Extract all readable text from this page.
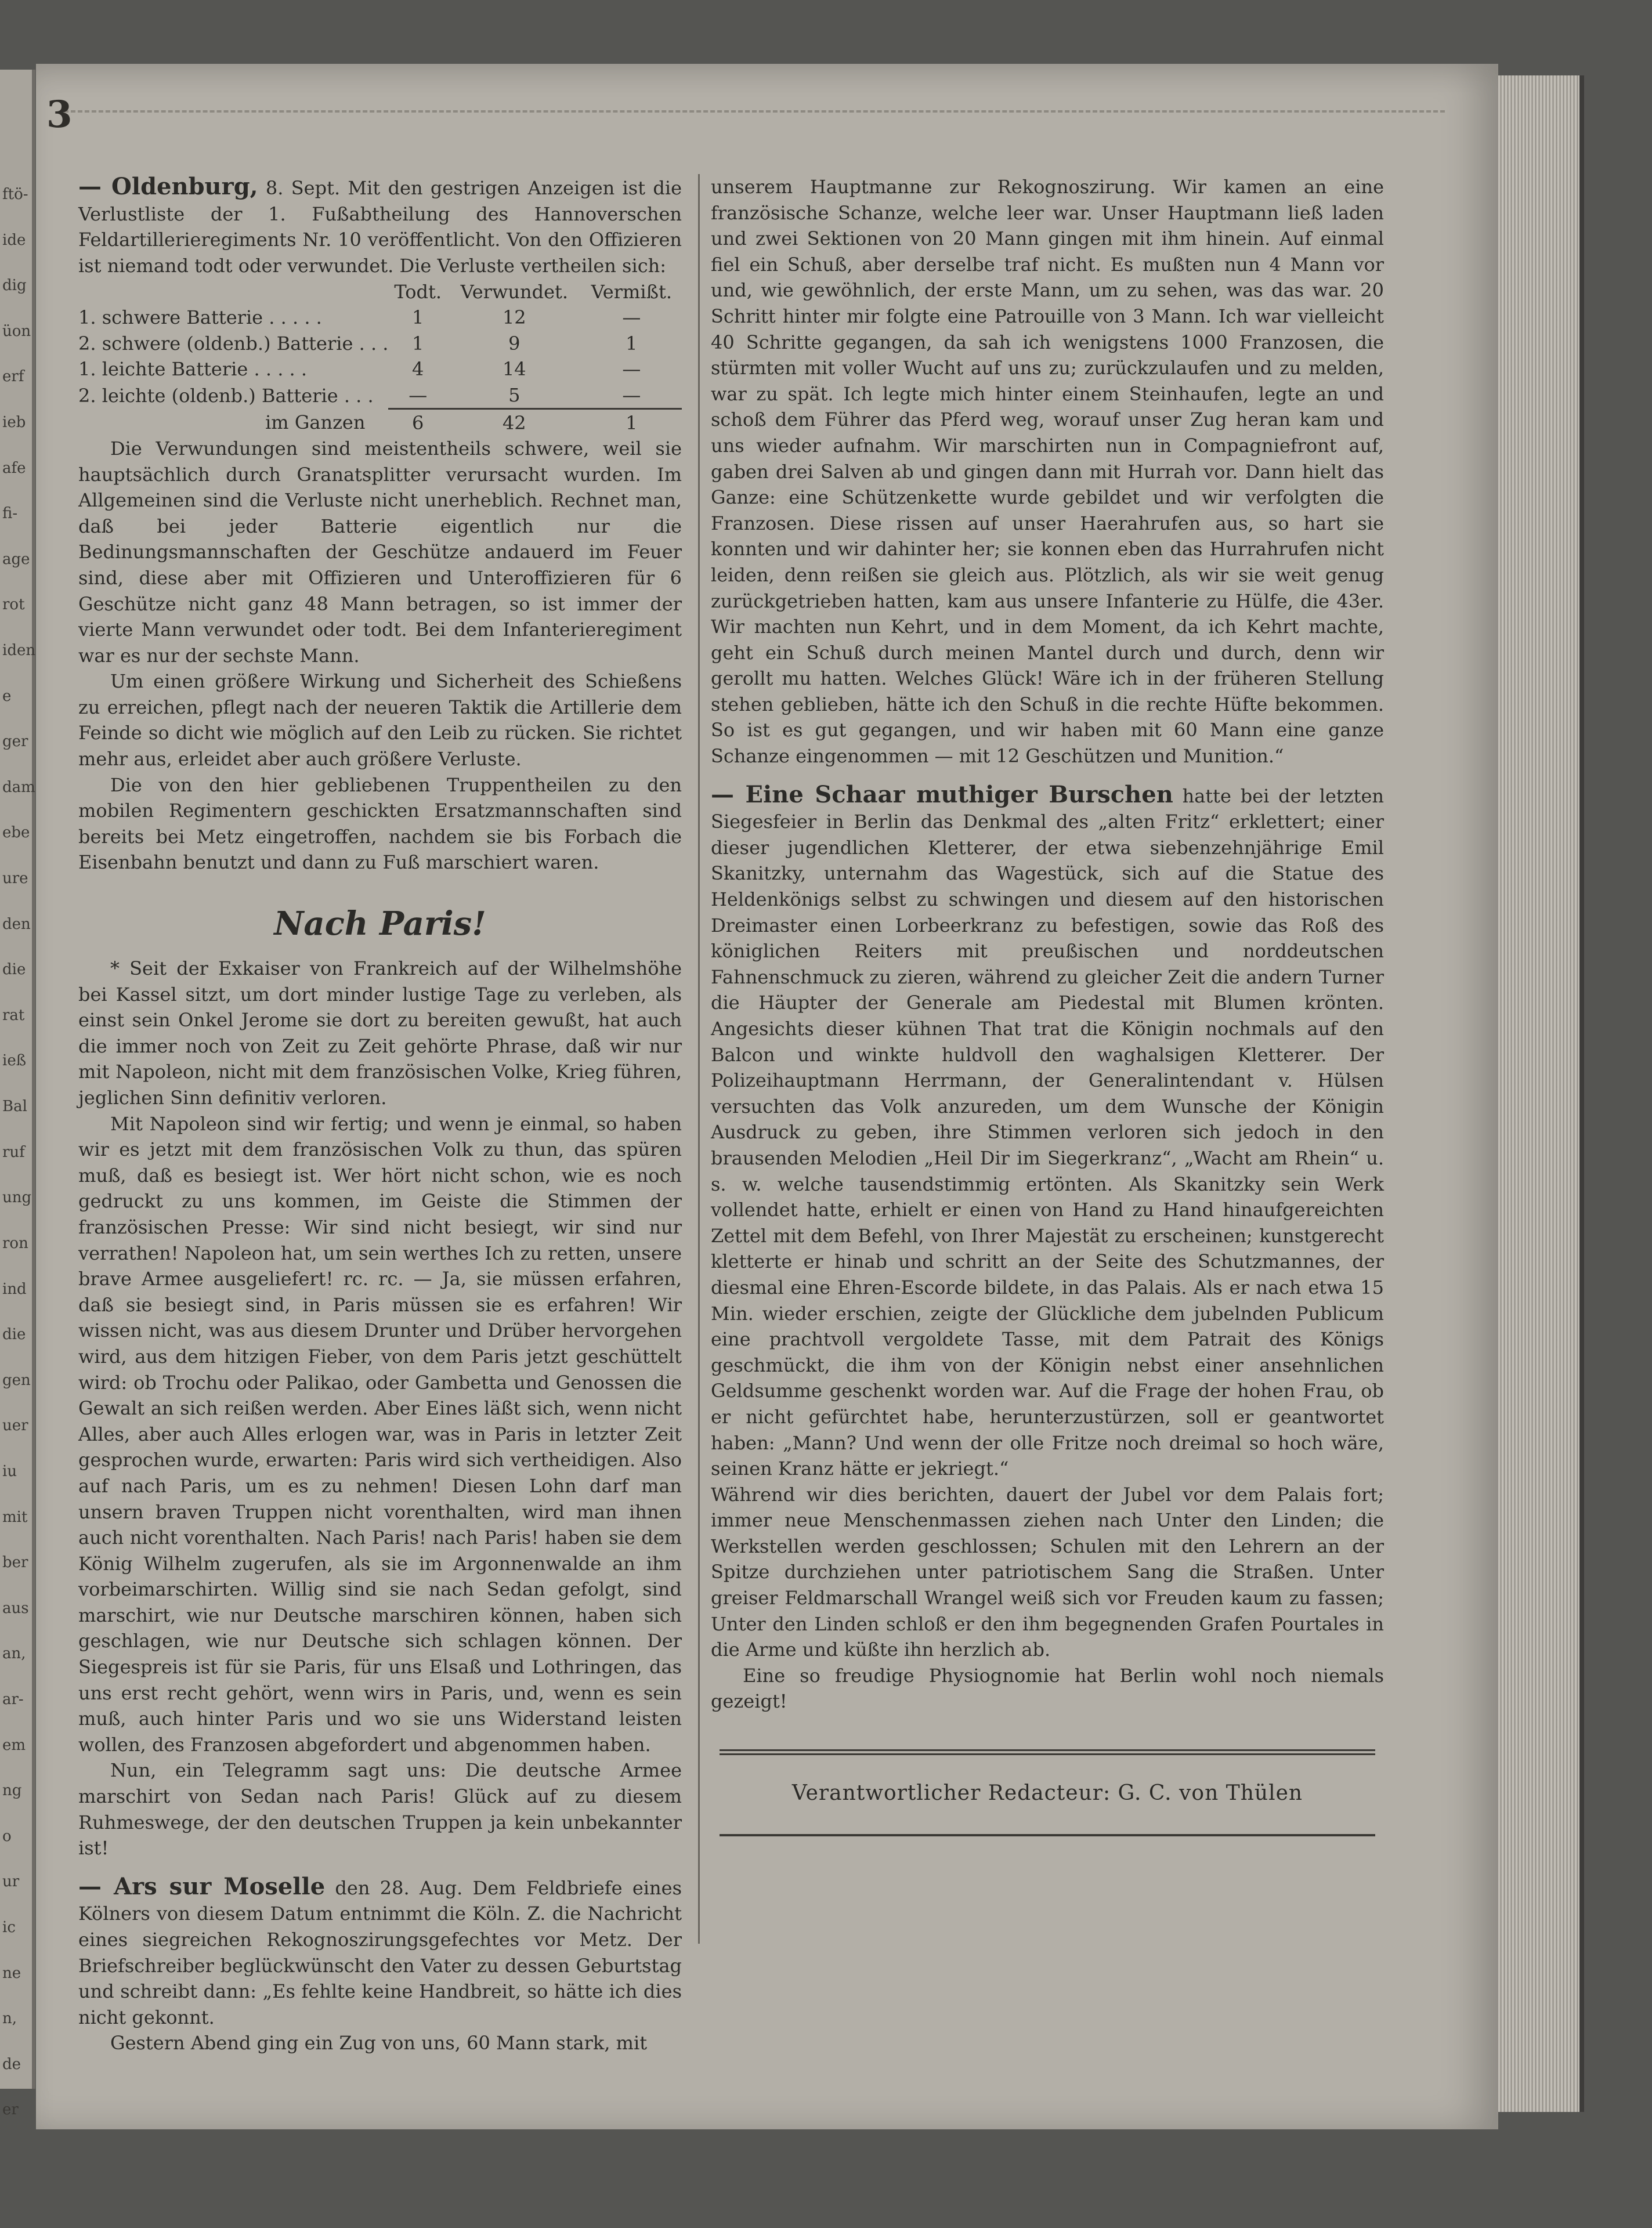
ftö-
ide
dig
üon
erf
ieb
afe
fi-
age
rot
iden
e
ger
dam
ebe
ure
den
die
rat
ieß
Bal
ruf
ung
ron
ind
die
gen
uer
iu
mit
ber
aus
an,
ar-
em
ng
o
ur
ic
ne
n,
de
er
3

— Oldenburg, 8. Sept. Mit den gestrigen Anzeigen ist die Verlustliste der 1. Fußabtheilung des Hannoverschen Feldartillerieregiments Nr. 10 veröffentlicht. Von den Offizieren ist niemand todt oder verwundet. Die Verluste vertheilen sich:

	Todt.	Verwundet.	Vermißt.
1. schwere Batterie . . . . .	1	12	—
2. schwere (oldenb.) Batterie . . .	1	9	1
1. leichte Batterie . . . . .	4	14	—
2. leichte (oldenb.) Batterie . . .	—	5	—
im Ganzen	6	42	1

Die Verwundungen sind meistentheils schwere, weil sie hauptsächlich durch Granatsplitter verursacht wurden. Im Allgemeinen sind die Verluste nicht unerheblich. Rechnet man, daß bei jeder Batterie eigentlich nur die Bedinungsmannschaften der Geschütze andauerd im Feuer sind, diese aber mit Offizieren und Unteroffizieren für 6 Geschütze nicht ganz 48 Mann betragen, so ist immer der vierte Mann verwundet oder todt. Bei dem Infanterieregiment war es nur der sechste Mann.

Um einen größere Wirkung und Sicherheit des Schießens zu erreichen, pflegt nach der neueren Taktik die Artillerie dem Feinde so dicht wie möglich auf den Leib zu rücken. Sie richtet mehr aus, erleidet aber auch größere Verluste.

Die von den hier gebliebenen Truppentheilen zu den mobilen Regimentern geschickten Ersatzmannschaften sind bereits bei Metz eingetroffen, nachdem sie bis Forbach die Eisenbahn benutzt und dann zu Fuß marschiert waren.

Nach Paris!

* Seit der Exkaiser von Frankreich auf der Wilhelmshöhe bei Kassel sitzt, um dort minder lustige Tage zu verleben, als einst sein Onkel Jerome sie dort zu bereiten gewußt, hat auch die immer noch von Zeit zu Zeit gehörte Phrase, daß wir nur mit Napoleon, nicht mit dem französischen Volke, Krieg führen, jeglichen Sinn definitiv verloren.

Mit Napoleon sind wir fertig; und wenn je einmal, so haben wir es jetzt mit dem französischen Volk zu thun, das spüren muß, daß es besiegt ist. Wer hört nicht schon, wie es noch gedruckt zu uns kommen, im Geiste die Stimmen der französischen Presse: Wir sind nicht besiegt, wir sind nur verrathen! Napoleon hat, um sein werthes Ich zu retten, unsere brave Armee ausgeliefert! rc. rc. — Ja, sie müssen erfahren, daß sie besiegt sind, in Paris müssen sie es erfahren! Wir wissen nicht, was aus diesem Drunter und Drüber hervorgehen wird, aus dem hitzigen Fieber, von dem Paris jetzt geschüttelt wird: ob Trochu oder Palikao, oder Gambetta und Genossen die Gewalt an sich reißen werden. Aber Eines läßt sich, wenn nicht Alles, aber auch Alles erlogen war, was in Paris in letzter Zeit gesprochen wurde, erwarten: Paris wird sich vertheidigen. Also auf nach Paris, um es zu nehmen! Diesen Lohn darf man unsern braven Truppen nicht vorenthalten, wird man ihnen auch nicht vorenthalten. Nach Paris! nach Paris! haben sie dem König Wilhelm zugerufen, als sie im Argonnenwalde an ihm vorbeimarschirten. Willig sind sie nach Sedan gefolgt, sind marschirt, wie nur Deutsche marschiren können, haben sich geschlagen, wie nur Deutsche sich schlagen können. Der Siegespreis ist für sie Paris, für uns Elsaß und Lothringen, das uns erst recht gehört, wenn wirs in Paris, und, wenn es sein muß, auch hinter Paris und wo sie uns Widerstand leisten wollen, des Franzosen abgefordert und abgenommen haben.

Nun, ein Telegramm sagt uns: Die deutsche Armee marschirt von Sedan nach Paris! Glück auf zu diesem Ruhmeswege, der den deutschen Truppen ja kein unbekannter ist!

— Ars sur Moselle den 28. Aug. Dem Feldbriefe eines Kölners von diesem Datum entnimmt die Köln. Z. die Nachricht eines siegreichen Rekognoszirungsgefechtes vor Metz. Der Briefschreiber beglückwünscht den Vater zu dessen Geburtstag und schreibt dann: „Es fehlte keine Handbreit, so hätte ich dies nicht gekonnt.

Gestern Abend ging ein Zug von uns, 60 Mann stark, mit

unserem Hauptmanne zur Rekognoszirung. Wir kamen an eine französische Schanze, welche leer war. Unser Hauptmann ließ laden und zwei Sektionen von 20 Mann gingen mit ihm hinein. Auf einmal fiel ein Schuß, aber derselbe traf nicht. Es mußten nun 4 Mann vor und, wie gewöhnlich, der erste Mann, um zu sehen, was das war. 20 Schritt hinter mir folgte eine Patrouille von 3 Mann. Ich war vielleicht 40 Schritte gegangen, da sah ich wenigstens 1000 Franzosen, die stürmten mit voller Wucht auf uns zu; zurückzulaufen und zu melden, war zu spät. Ich legte mich hinter einem Steinhaufen, legte an und schoß dem Führer das Pferd weg, worauf unser Zug heran kam und uns wieder aufnahm. Wir marschirten nun in Compagniefront auf, gaben drei Salven ab und gingen dann mit Hurrah vor. Dann hielt das Ganze: eine Schützenkette wurde gebildet und wir verfolgten die Franzosen. Diese rissen auf unser Haerahrufen aus, so hart sie konnten und wir dahinter her; sie konnen eben das Hurrahrufen nicht leiden, denn reißen sie gleich aus. Plötzlich, als wir sie weit genug zurückgetrieben hatten, kam aus unsere Infanterie zu Hülfe, die 43er. Wir machten nun Kehrt, und in dem Moment, da ich Kehrt machte, geht ein Schuß durch meinen Mantel durch und durch, denn wir gerollt mu hatten. Welches Glück! Wäre ich in der früheren Stellung stehen geblieben, hätte ich den Schuß in die rechte Hüfte bekommen. So ist es gut gegangen, und wir haben mit 60 Mann eine ganze Schanze eingenommen — mit 12 Geschützen und Munition.“

— Eine Schaar muthiger Burschen hatte bei der letzten Siegesfeier in Berlin das Denkmal des „alten Fritz“ erklettert; einer dieser jugendlichen Kletterer, der etwa siebenzehnjährige Emil Skanitzky, unternahm das Wagestück, sich auf die Statue des Heldenkönigs selbst zu schwingen und diesem auf den historischen Dreimaster einen Lorbeerkranz zu befestigen, sowie das Roß des königlichen Reiters mit preußischen und norddeutschen Fahnenschmuck zu zieren, während zu gleicher Zeit die andern Turner die Häupter der Generale am Piedestal mit Blumen krönten. Angesichts dieser kühnen That trat die Königin nochmals auf den Balcon und winkte huldvoll den waghalsigen Kletterer. Der Polizeihauptmann Herrmann, der Generalintendant v. Hülsen versuchten das Volk anzureden, um dem Wunsche der Königin Ausdruck zu geben, ihre Stimmen verloren sich jedoch in den brausenden Melodien „Heil Dir im Siegerkranz“, „Wacht am Rhein“ u. s. w. welche tausendstimmig ertönten. Als Skanitzky sein Werk vollendet hatte, erhielt er einen von Hand zu Hand hinaufgereichten Zettel mit dem Befehl, von Ihrer Majestät zu erscheinen; kunstgerecht kletterte er hinab und schritt an der Seite des Schutzmannes, der diesmal eine Ehren-Escorde bildete, in das Palais. Als er nach etwa 15 Min. wieder erschien, zeigte der Glückliche dem jubelnden Publicum eine prachtvoll vergoldete Tasse, mit dem Patrait des Königs geschmückt, die ihm von der Königin nebst einer ansehnlichen Geldsumme geschenkt worden war. Auf die Frage der hohen Frau, ob er nicht gefürchtet habe, herunterzustürzen, soll er geantwortet haben: „Mann? Und wenn der olle Fritze noch dreimal so hoch wäre, seinen Kranz hätte er jekriegt.“

Während wir dies berichten, dauert der Jubel vor dem Palais fort; immer neue Menschenmassen ziehen nach Unter den Linden; die Werkstellen werden geschlossen; Schulen mit den Lehrern an der Spitze durchziehen unter patriotischem Sang die Straßen. Unter greiser Feldmarschall Wrangel weiß sich vor Freuden kaum zu fassen; Unter den Linden schloß er den ihm begegnenden Grafen Pourtales in die Arme und küßte ihn herzlich ab.

Eine so freudige Physiognomie hat Berlin wohl noch niemals gezeigt!

Verantwortlicher Redacteur: G. C. von Thülen
